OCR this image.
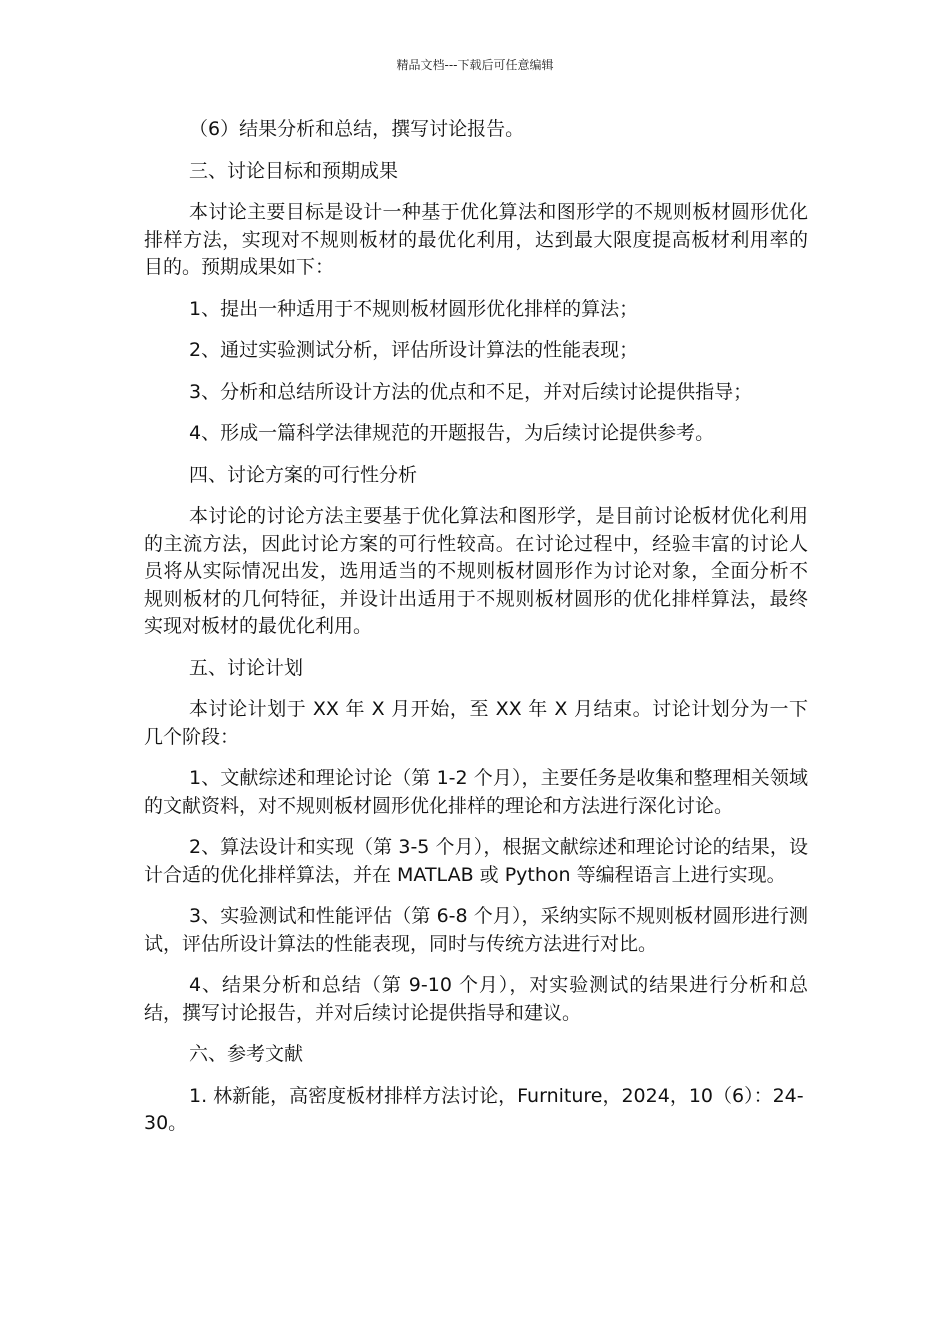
精品文档---下载后可任意编辑

（6）结果分析和总结，撰写讨论报告。

三、讨论目标和预期成果

本讨论主要目标是设计一种基于优化算法和图形学的不规则板材圆形优化排样方法，实现对不规则板材的最优化利用，达到最大限度提高板材利用率的目的。预期成果如下：

1、提出一种适用于不规则板材圆形优化排样的算法；

2、通过实验测试分析，评估所设计算法的性能表现；

3、分析和总结所设计方法的优点和不足，并对后续讨论提供指导；

4、形成一篇科学法律规范的开题报告，为后续讨论提供参考。

四、讨论方案的可行性分析

本讨论的讨论方法主要基于优化算法和图形学，是目前讨论板材优化利用的主流方法，因此讨论方案的可行性较高。在讨论过程中，经验丰富的讨论人员将从实际情况出发，选用适当的不规则板材圆形作为讨论对象，全面分析不规则板材的几何特征，并设计出适用于不规则板材圆形的优化排样算法，最终实现对板材的最优化利用。

五、讨论计划

本讨论计划于 XX 年 X 月开始，至 XX 年 X 月结束。讨论计划分为一下几个阶段：

1、文献综述和理论讨论（第 1-2 个月），主要任务是收集和整理相关领域的文献资料，对不规则板材圆形优化排样的理论和方法进行深化讨论。

2、算法设计和实现（第 3-5 个月），根据文献综述和理论讨论的结果，设计合适的优化排样算法，并在 MATLAB 或 Python 等编程语言上进行实现。

3、实验测试和性能评估（第 6-8 个月），采纳实际不规则板材圆形进行测试，评估所设计算法的性能表现，同时与传统方法进行对比。

4、结果分析和总结（第 9-10 个月），对实验测试的结果进行分析和总结，撰写讨论报告，并对后续讨论提供指导和建议。

六、参考文献

1. 林新能，高密度板材排样方法讨论，Furniture，2024，10（6）：24-30。
